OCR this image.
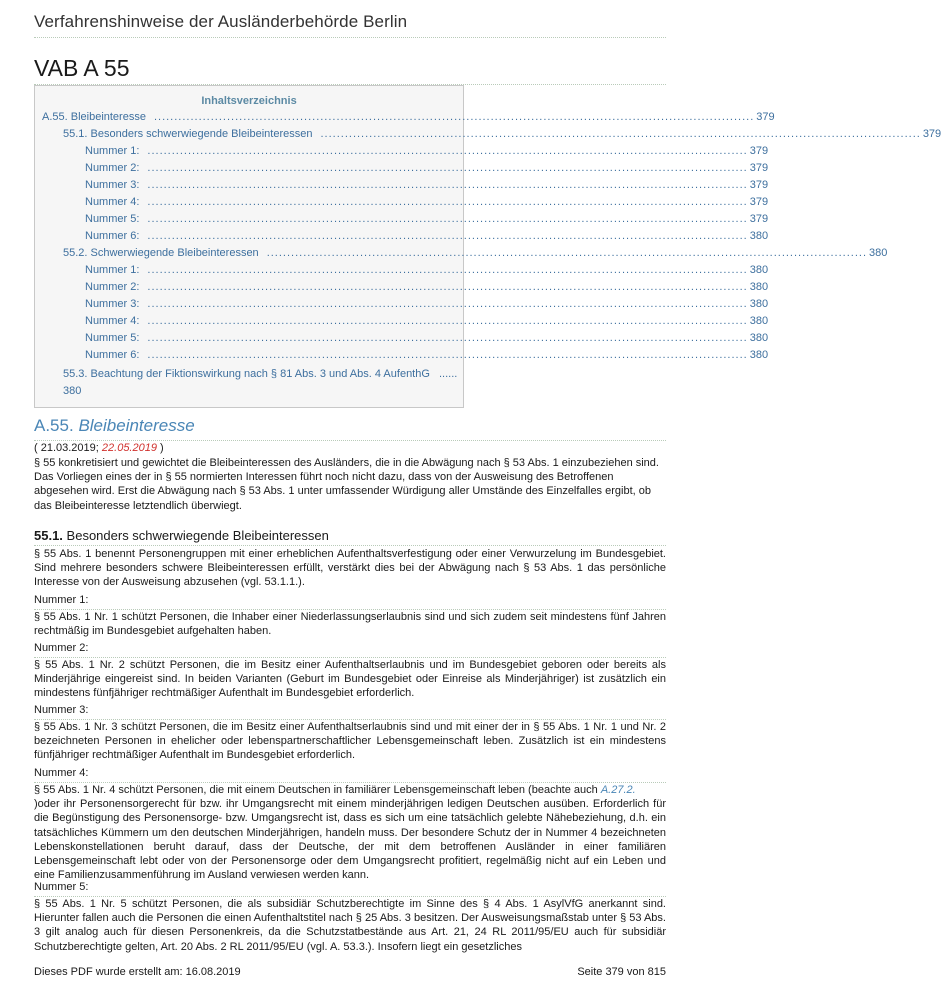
Verfahrenshinweise der Ausländerbehörde Berlin
VAB A 55
Inhaltsverzeichnis
A.55. Bleibeinteresse .................................................................................................................................................... 379
55.1. Besonders schwerwiegende Bleibeinteressen .................................................................................................................................................... 379
Nummer 1: .................................................................................................................................................... 379
Nummer 2: .................................................................................................................................................... 379
Nummer 3: .................................................................................................................................................... 379
Nummer 4: .................................................................................................................................................... 379
Nummer 5: .................................................................................................................................................... 379
Nummer 6: .................................................................................................................................................... 380
55.2. Schwerwiegende Bleibeinteressen .................................................................................................................................................... 380
Nummer 1: .................................................................................................................................................... 380
Nummer 2: .................................................................................................................................................... 380
Nummer 3: .................................................................................................................................................... 380
Nummer 4: .................................................................................................................................................... 380
Nummer 5: .................................................................................................................................................... 380
Nummer 6: .................................................................................................................................................... 380
55.3. Beachtung der Fiktionswirkung nach § 81 Abs. 3 und Abs. 4 AufenthG ......
380
A.55. Bleibeinteresse
( 21.03.2019; 22.05.2019 )
§ 55 konkretisiert und gewichtet die Bleibeinteressen des Ausländers, die in die Abwägung nach § 53 Abs. 1 einzubeziehen sind. Das Vorliegen eines der in § 55 normierten Interessen führt noch nicht dazu, dass von der Ausweisung des Betroffenen abgesehen wird. Erst die Abwägung nach § 53 Abs. 1 unter umfassender Würdigung aller Umstände des Einzelfalles ergibt, ob das Bleibeinteresse letztendlich überwiegt.
55.1. Besonders schwerwiegende Bleibeinteressen
§ 55 Abs. 1 benennt Personengruppen mit einer erheblichen Aufenthaltsverfestigung oder einer Verwurzelung im Bundesgebiet. Sind mehrere besonders schwere Bleibeinteressen erfüllt, verstärkt dies bei der Abwägung nach § 53 Abs. 1 das persönliche Interesse von der Ausweisung abzusehen (vgl. 53.1.1.).
Nummer 1:
§ 55 Abs. 1 Nr. 1 schützt Personen, die Inhaber einer Niederlassungserlaubnis sind und sich zudem seit mindestens fünf Jahren rechtmäßig im Bundesgebiet aufgehalten haben.
Nummer 2:
§ 55 Abs. 1 Nr. 2 schützt Personen, die im Besitz einer Aufenthaltserlaubnis und im Bundesgebiet geboren oder bereits als Minderjährige eingereist sind. In beiden Varianten (Geburt im Bundesgebiet oder Einreise als Minderjähriger) ist zusätzlich ein mindestens fünfjähriger rechtmäßiger Aufenthalt im Bundesgebiet erforderlich.
Nummer 3:
§ 55 Abs. 1 Nr. 3 schützt Personen, die im Besitz einer Aufenthaltserlaubnis sind und mit einer der in § 55 Abs. 1 Nr. 1 und Nr. 2 bezeichneten Personen in ehelicher oder lebenspartnerschaftlicher Lebensgemeinschaft leben. Zusätzlich ist ein mindestens fünfjähriger rechtmäßiger Aufenthalt im Bundesgebiet erforderlich.
Nummer 4:
§ 55 Abs. 1 Nr. 4 schützt Personen, die mit einem Deutschen in familiärer Lebensgemeinschaft leben (beachte auch A.27.2.
)oder ihr Personensorgerecht für bzw. ihr Umgangsrecht mit einem minderjährigen ledigen Deutschen ausüben. Erforderlich für die Begünstigung des Personensorge- bzw. Umgangsrecht ist, dass es sich um eine tatsächlich gelebte Nähebeziehung, d.h. ein tatsächliches Kümmern um den deutschen Minderjährigen, handeln muss. Der besondere Schutz der in Nummer 4 bezeichneten Lebenskonstellationen beruht darauf, dass der Deutsche, der mit dem betroffenen Ausländer in einer familiären Lebensgemeinschaft lebt oder von der Personensorge oder dem Umgangsrecht profitiert, regelmäßig nicht auf ein Leben und eine Familienzusammenführung im Ausland verwiesen werden kann.
Nummer 5:
§ 55 Abs. 1 Nr. 5 schützt Personen, die als subsidiär Schutzberechtigte im Sinne des § 4 Abs. 1 AsylVfG anerkannt sind. Hierunter fallen auch die Personen die einen Aufenthaltstitel nach § 25 Abs. 3 besitzen. Der Ausweisungsmaßstab unter § 53 Abs. 3 gilt analog auch für diesen Personenkreis, da die Schutzstatbestände aus Art. 21, 24 RL 2011/95/EU auch für subsidiär Schutzberechtigte gelten, Art. 20 Abs. 2 RL 2011/95/EU (vgl. A. 53.3.). Insofern liegt ein gesetzliches
Dieses PDF wurde erstellt am: 16.08.2019	Seite 379 von 815
